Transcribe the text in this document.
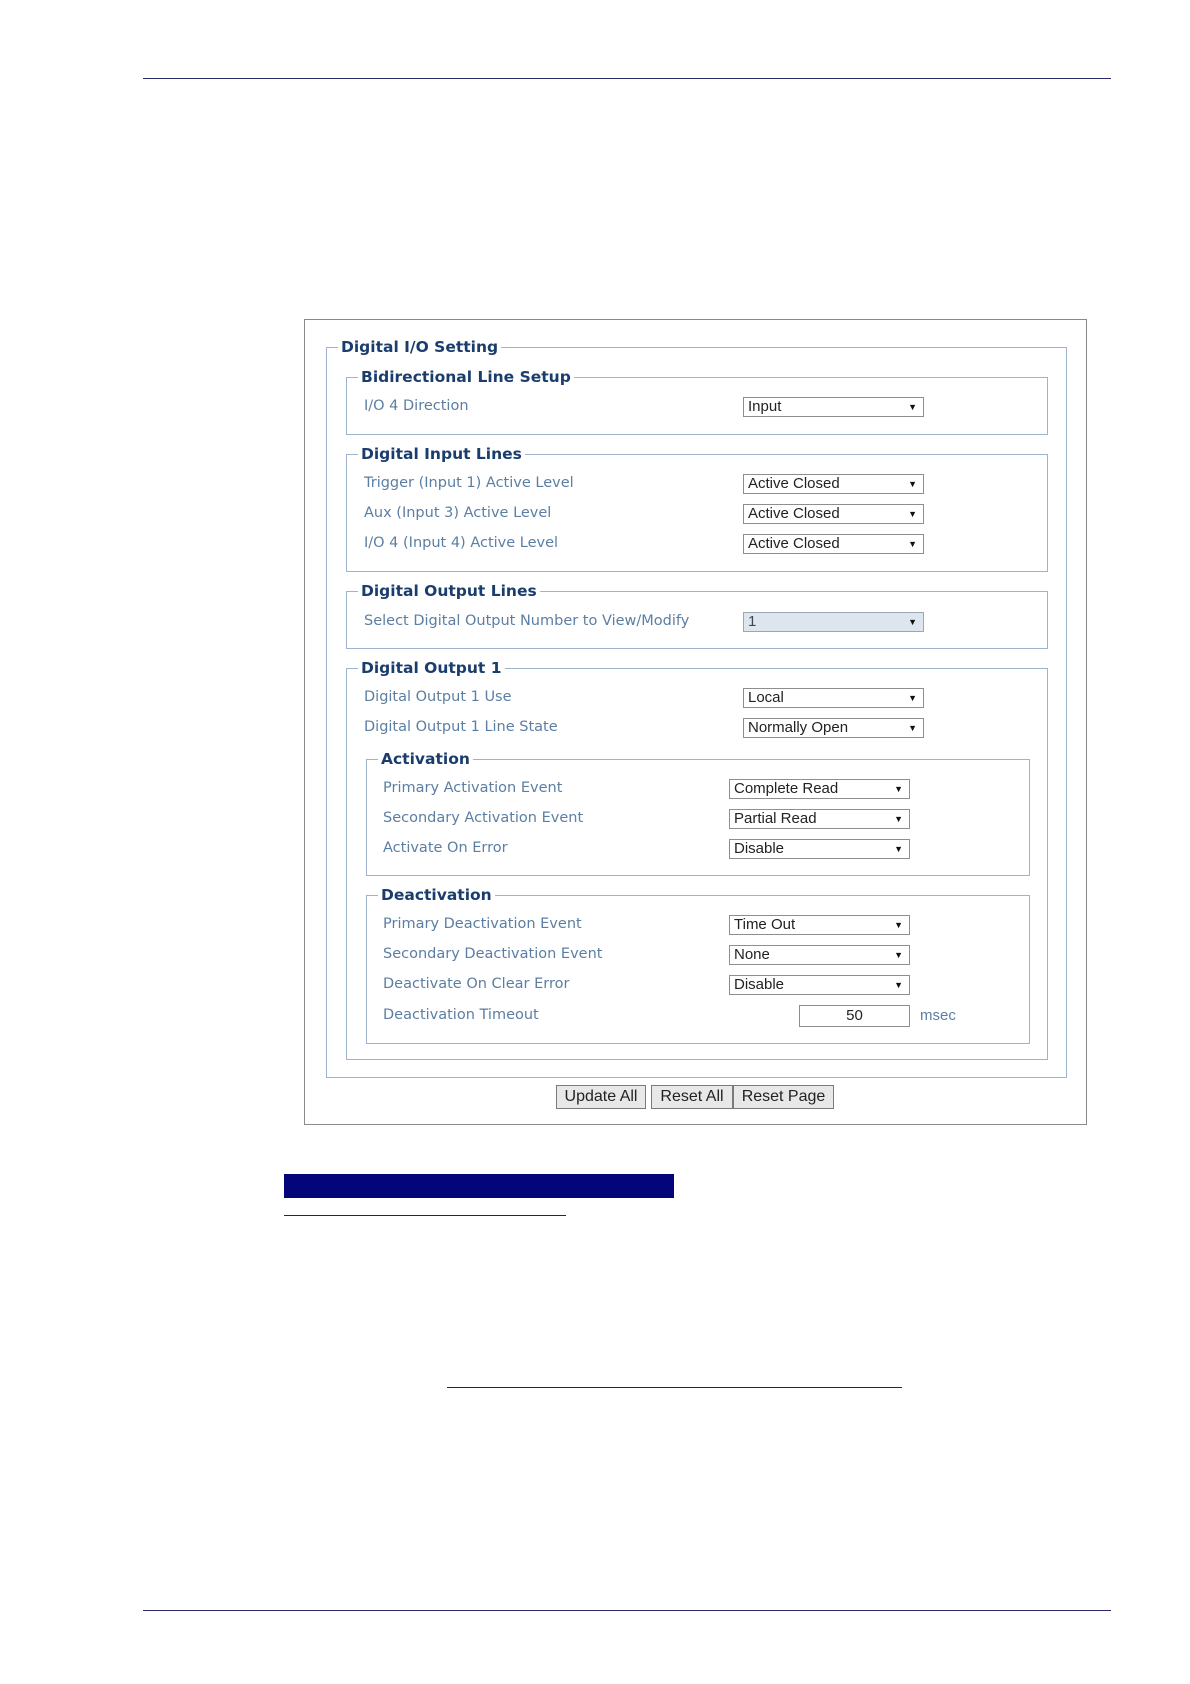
Digital I/O Setting
Bidirectional Line Setup
I/O 4 Direction	Input	▼
Digital Input Lines
Trigger (Input 1) Active Level	Active Closed	▼
Aux (Input 3) Active Level	Active Closed	▼
I/O 4 (Input 4) Active Level	Active Closed	▼
Digital Output Lines
Select Digital Output Number to View/Modify	1	▼
Digital Output 1
Digital Output 1 Use	Local	▼
Digital Output 1 Line State	Normally Open	▼
Activation
Primary Activation Event	Complete Read	▼
Secondary Activation Event	Partial Read	▼
Activate On Error	Disable	▼
Deactivation
Primary Deactivation Event	Time Out	▼
Secondary Deactivation Event	None	▼
Deactivate On Clear Error	Disable	▼
Deactivation Timeout	50	msec
Update All	Reset All	Reset Page
